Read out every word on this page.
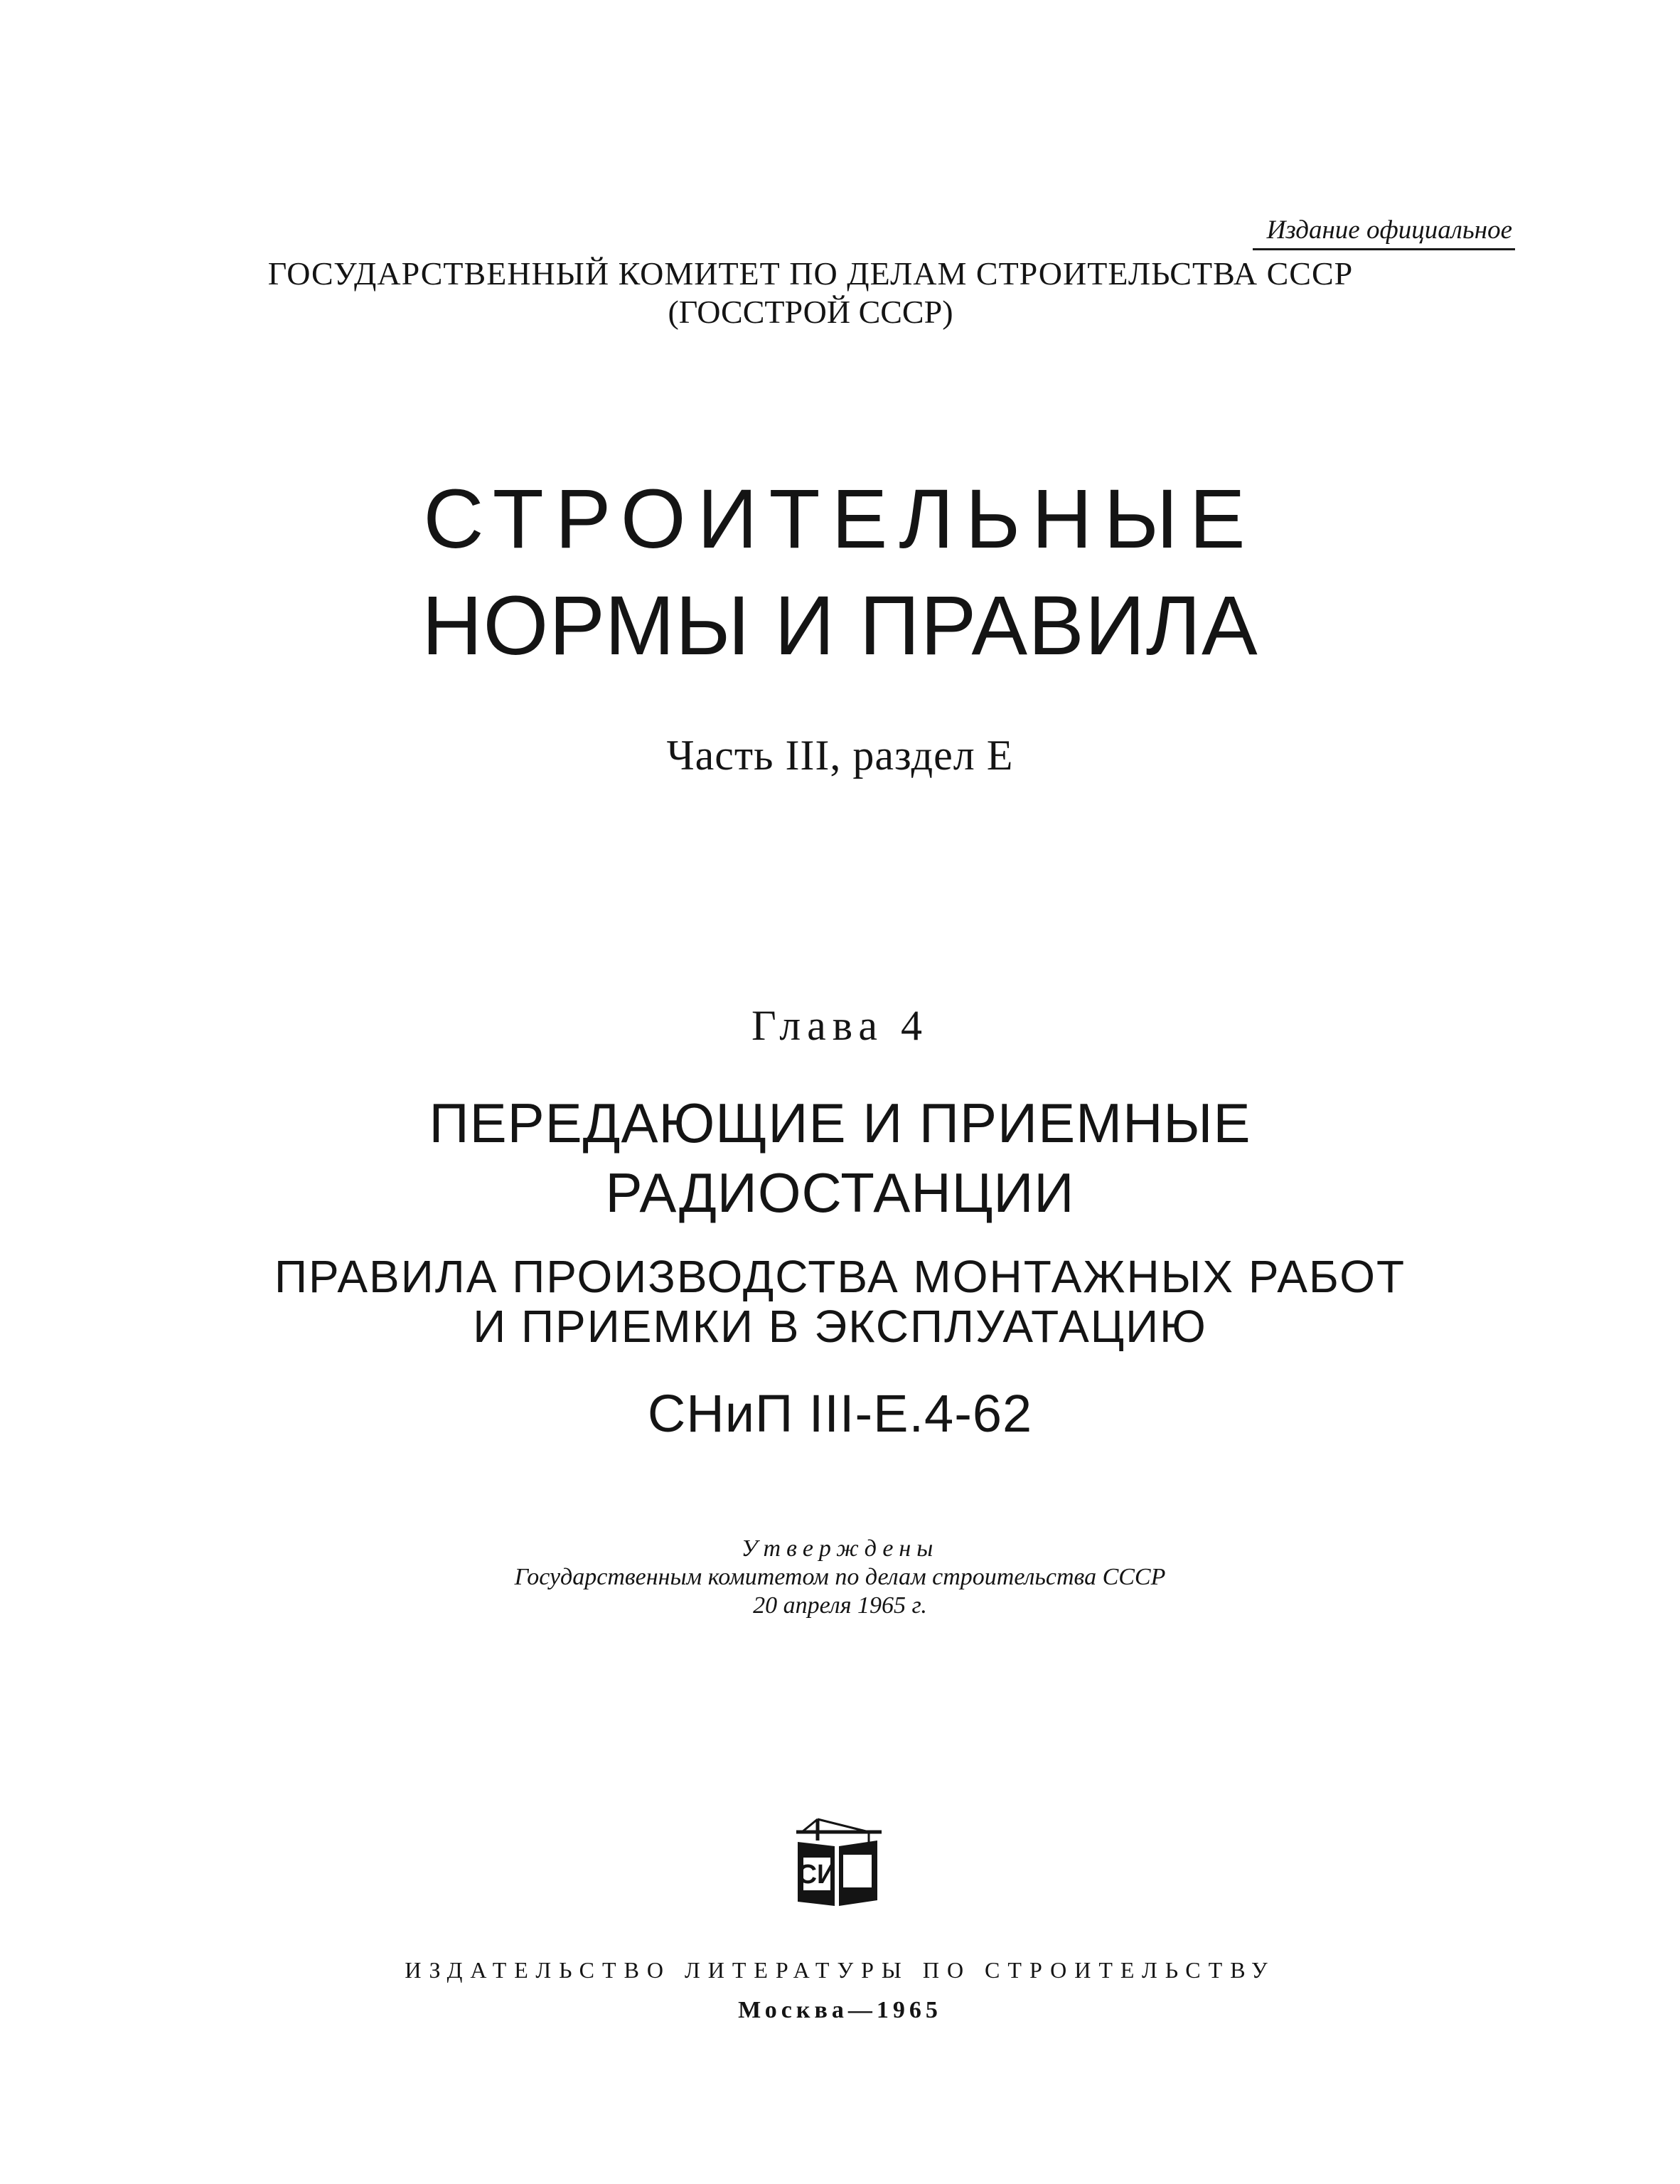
Издание официальное
ГОСУДАРСТВЕННЫЙ КОМИТЕТ ПО ДЕЛАМ СТРОИТЕЛЬСТВА СССР
(ГОССТРОЙ СССР)
СТРОИТЕЛЬНЫЕ
НОРМЫ И ПРАВИЛА
Часть III, раздел Е
Глава 4
ПЕРЕДАЮЩИЕ И ПРИЕМНЫЕ
РАДИОСТАНЦИИ
ПРАВИЛА ПРОИЗВОДСТВА МОНТАЖНЫХ РАБОТ
И ПРИЕМКИ В ЭКСПЛУАТАЦИЮ
СНиП III-Е.4-62
Утверждены
Государственным комитетом по делам строительства СССР
20 апреля 1965 г.
СИ
ИЗДАТЕЛЬСТВО ЛИТЕРАТУРЫ ПО СТРОИТЕЛЬСТВУ
Москва—1965
